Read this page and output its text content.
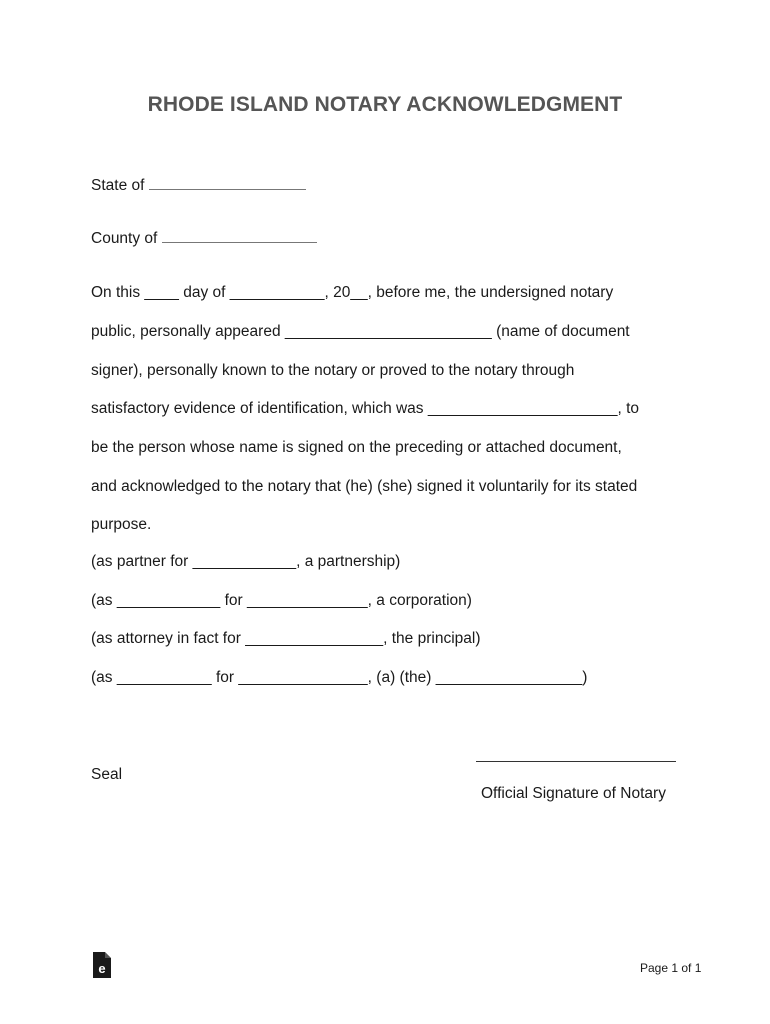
RHODE ISLAND NOTARY ACKNOWLEDGMENT
State of
County of
On this ____ day of ___________, 20__, before me, the undersigned notary
public, personally appeared ________________________ (name of document
signer), personally known to the notary or proved to the notary through
satisfactory evidence of identification, which was ______________________, to
be the person whose name is signed on the preceding or attached document,
and acknowledged to the notary that (he) (she) signed it voluntarily for its stated
purpose.
(as partner for ____________, a partnership)
(as ____________ for ______________, a corporation)
(as attorney in fact for ________________, the principal)
(as ___________ for _______________, (a) (the) _________________)
Seal
Official Signature of Notary
e	Page 1 of 1
